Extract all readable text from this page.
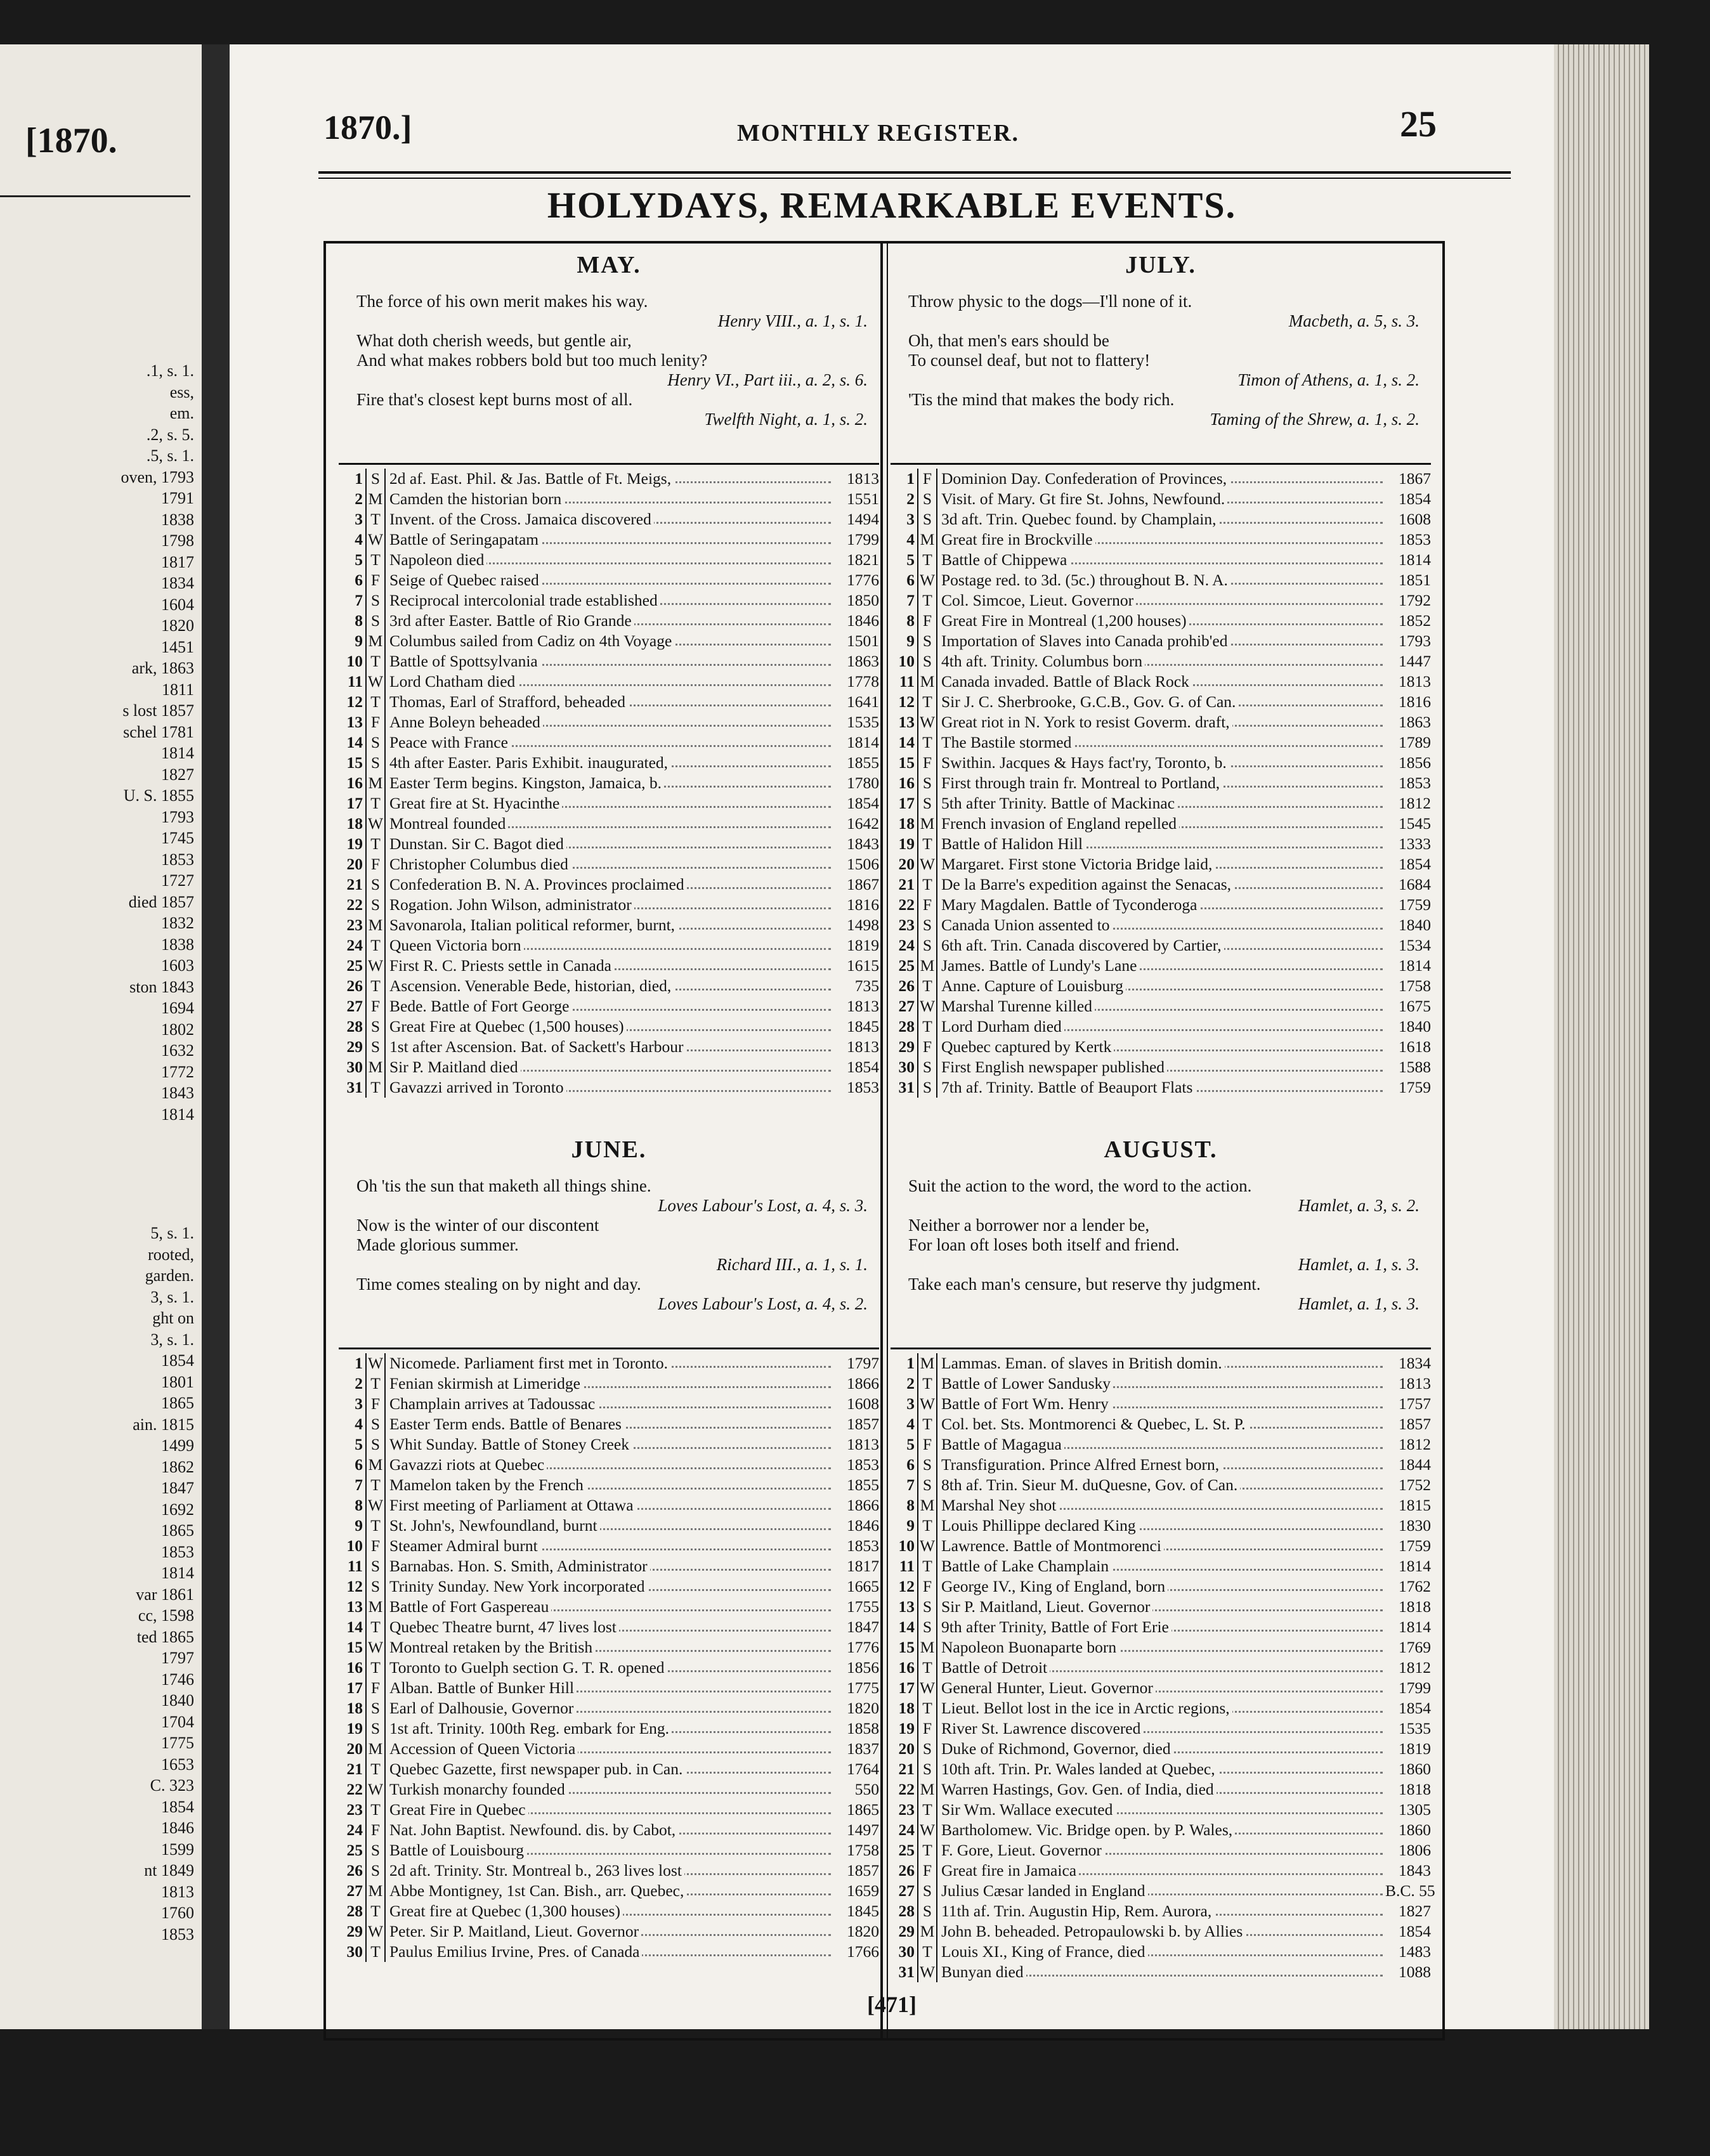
[1870.
.1, s. 1.
ess,
em.
.2, s. 5.
.5, s. 1.
oven, 1793
1791
1838
1798
1817
1834
1604
1820
1451
ark, 1863
1811
s lost 1857
schel 1781
1814
1827
U. S. 1855
1793
1745
1853
1727
died 1857
1832
1838
1603
ston 1843
1694
1802
1632
1772
1843
1814
5, s. 1.
rooted,
garden.
3, s. 1.
ght on
3, s. 1.
1854
1801
1865
ain. 1815
1499
1862
1847
1692
1865
1853
1814
var 1861
cc, 1598
ted 1865
1797
1746
1840
1704
1775
1653
C. 323
1854
1846
1599
nt 1849
1813
1760
1853
1870.]	MONTHLY REGISTER.	25
HOLYDAYS, REMARKABLE EVENTS.
MAY.
The force of his own merit makes his way.
Henry VIII., a. 1, s. 1.
What doth cherish weeds, but gentle air,
And what makes robbers bold but too much lenity?
Henry VI., Part iii., a. 2, s. 6.
Fire that's closest kept burns most of all.
Twelfth Night, a. 1, s. 2.
1 S 2d af. East. Phil. & Jas. Battle of Ft. Meigs,	1813
2 M Camden the historian born	1551
3 T Invent. of the Cross. Jamaica discovered	1494
4 W Battle of Seringapatam	1799
5 T Napoleon died	1821
6 F Seige of Quebec raised	1776
7 S Reciprocal intercolonial trade established	1850
8 S 3rd after Easter. Battle of Rio Grande	1846
9 M Columbus sailed from Cadiz on 4th Voyage	1501
10 T Battle of Spottsylvania	1863
11 W Lord Chatham died	1778
12 T Thomas, Earl of Strafford, beheaded	1641
13 F Anne Boleyn beheaded	1535
14 S Peace with France	1814
15 S 4th after Easter. Paris Exhibit. inaugurated,	1855
16 M Easter Term begins. Kingston, Jamaica, b.	1780
17 T Great fire at St. Hyacinthe	1854
18 W Montreal founded	1642
19 T Dunstan. Sir C. Bagot died	1843
20 F Christopher Columbus died	1506
21 S Confederation B. N. A. Provinces proclaimed	1867
22 S Rogation. John Wilson, administrator	1816
23 M Savonarola, Italian political reformer, burnt,	1498
24 T Queen Victoria born	1819
25 W First R. C. Priests settle in Canada	1615
26 T Ascension. Venerable Bede, historian, died,	735
27 F Bede. Battle of Fort George	1813
28 S Great Fire at Quebec (1,500 houses)	1845
29 S 1st after Ascension. Bat. of Sackett's Harbour	1813
30 M Sir P. Maitland died	1854
31 T Gavazzi arrived in Toronto	1853
JUNE.
Oh 'tis the sun that maketh all things shine.
Loves Labour's Lost, a. 4, s. 3.
Now is the winter of our discontent
Made glorious summer.
Richard III., a. 1, s. 1.
Time comes stealing on by night and day.
Loves Labour's Lost, a. 4, s. 2.
1 W Nicomede. Parliament first met in Toronto.	1797
2 T Fenian skirmish at Limeridge	1866
3 F Champlain arrives at Tadoussac	1608
4 S Easter Term ends. Battle of Benares	1857
5 S Whit Sunday. Battle of Stoney Creek	1813
6 M Gavazzi riots at Quebec	1853
7 T Mamelon taken by the French	1855
8 W First meeting of Parliament at Ottawa	1866
9 T St. John's, Newfoundland, burnt	1846
10 F Steamer Admiral burnt	1853
11 S Barnabas. Hon. S. Smith, Administrator	1817
12 S Trinity Sunday. New York incorporated	1665
13 M Battle of Fort Gaspereau	1755
14 T Quebec Theatre burnt, 47 lives lost	1847
15 W Montreal retaken by the British	1776
16 T Toronto to Guelph section G. T. R. opened	1856
17 F Alban. Battle of Bunker Hill	1775
18 S Earl of Dalhousie, Governor	1820
19 S 1st aft. Trinity. 100th Reg. embark for Eng.	1858
20 M Accession of Queen Victoria	1837
21 T Quebec Gazette, first newspaper pub. in Can.	1764
22 W Turkish monarchy founded	550
23 T Great Fire in Quebec	1865
24 F Nat. John Baptist. Newfound. dis. by Cabot,	1497
25 S Battle of Louisbourg	1758
26 S 2d aft. Trinity. Str. Montreal b., 263 lives lost	1857
27 M Abbe Montigney, 1st Can. Bish., arr. Quebec,	1659
28 T Great fire at Quebec (1,300 houses)	1845
29 W Peter. Sir P. Maitland, Lieut. Governor	1820
30 T Paulus Emilius Irvine, Pres. of Canada	1766
JULY.
Throw physic to the dogs—I'll none of it.
Macbeth, a. 5, s. 3.
Oh, that men's ears should be
To counsel deaf, but not to flattery!
Timon of Athens, a. 1, s. 2.
'Tis the mind that makes the body rich.
Taming of the Shrew, a. 1, s. 2.
1 F Dominion Day. Confederation of Provinces,	1867
2 S Visit. of Mary. Gt fire St. Johns, Newfound.	1854
3 S 3d aft. Trin. Quebec found. by Champlain,	1608
4 M Great fire in Brockville	1853
5 T Battle of Chippewa	1814
6 W Postage red. to 3d. (5c.) throughout B. N. A.	1851
7 T Col. Simcoe, Lieut. Governor	1792
8 F Great Fire in Montreal (1,200 houses)	1852
9 S Importation of Slaves into Canada prohib'ed	1793
10 S 4th aft. Trinity. Columbus born	1447
11 M Canada invaded. Battle of Black Rock	1813
12 T Sir J. C. Sherbrooke, G.C.B., Gov. G. of Can.	1816
13 W Great riot in N. York to resist Goverm. draft,	1863
14 T The Bastile stormed	1789
15 F Swithin. Jacques & Hays fact'ry, Toronto, b.	1856
16 S First through train fr. Montreal to Portland,	1853
17 S 5th after Trinity. Battle of Mackinac	1812
18 M French invasion of England repelled	1545
19 T Battle of Halidon Hill	1333
20 W Margaret. First stone Victoria Bridge laid,	1854
21 T De la Barre's expedition against the Senacas,	1684
22 F Mary Magdalen. Battle of Tyconderoga	1759
23 S Canada Union assented to	1840
24 S 6th aft. Trin. Canada discovered by Cartier,	1534
25 M James. Battle of Lundy's Lane	1814
26 T Anne. Capture of Louisburg	1758
27 W Marshal Turenne killed	1675
28 T Lord Durham died	1840
29 F Quebec captured by Kertk	1618
30 S First English newspaper published	1588
31 S 7th af. Trinity. Battle of Beauport Flats	1759
AUGUST.
Suit the action to the word, the word to the action.
Hamlet, a. 3, s. 2.
Neither a borrower nor a lender be,
For loan oft loses both itself and friend.
Hamlet, a. 1, s. 3.
Take each man's censure, but reserve thy judgment.
Hamlet, a. 1, s. 3.
1 M Lammas. Eman. of slaves in British domin.	1834
2 T Battle of Lower Sandusky	1813
3 W Battle of Fort Wm. Henry	1757
4 T Col. bet. Sts. Montmorenci & Quebec, L. St. P.	1857
5 F Battle of Magagua	1812
6 S Transfiguration. Prince Alfred Ernest born,	1844
7 S 8th af. Trin. Sieur M. duQuesne, Gov. of Can.	1752
8 M Marshal Ney shot	1815
9 T Louis Phillippe declared King	1830
10 W Lawrence. Battle of Montmorenci	1759
11 T Battle of Lake Champlain	1814
12 F George IV., King of England, born	1762
13 S Sir P. Maitland, Lieut. Governor	1818
14 S 9th after Trinity, Battle of Fort Erie	1814
15 M Napoleon Buonaparte born	1769
16 T Battle of Detroit	1812
17 W General Hunter, Lieut. Governor	1799
18 T Lieut. Bellot lost in the ice in Arctic regions,	1854
19 F River St. Lawrence discovered	1535
20 S Duke of Richmond, Governor, died	1819
21 S 10th aft. Trin. Pr. Wales landed at Quebec,	1860
22 M Warren Hastings, Gov. Gen. of India, died	1818
23 T Sir Wm. Wallace executed	1305
24 W Bartholomew. Vic. Bridge open. by P. Wales,	1860
25 T F. Gore, Lieut. Governor	1806
26 F Great fire in Jamaica	1843
27 S Julius Cæsar landed in England	B.C. 55
28 S 11th af. Trin. Augustin Hip, Rem. Aurora,	1827
29 M John B. beheaded. Petropaulowski b. by Allies	1854
30 T Louis XI., King of France, died	1483
31 W Bunyan died	1088
[471]
